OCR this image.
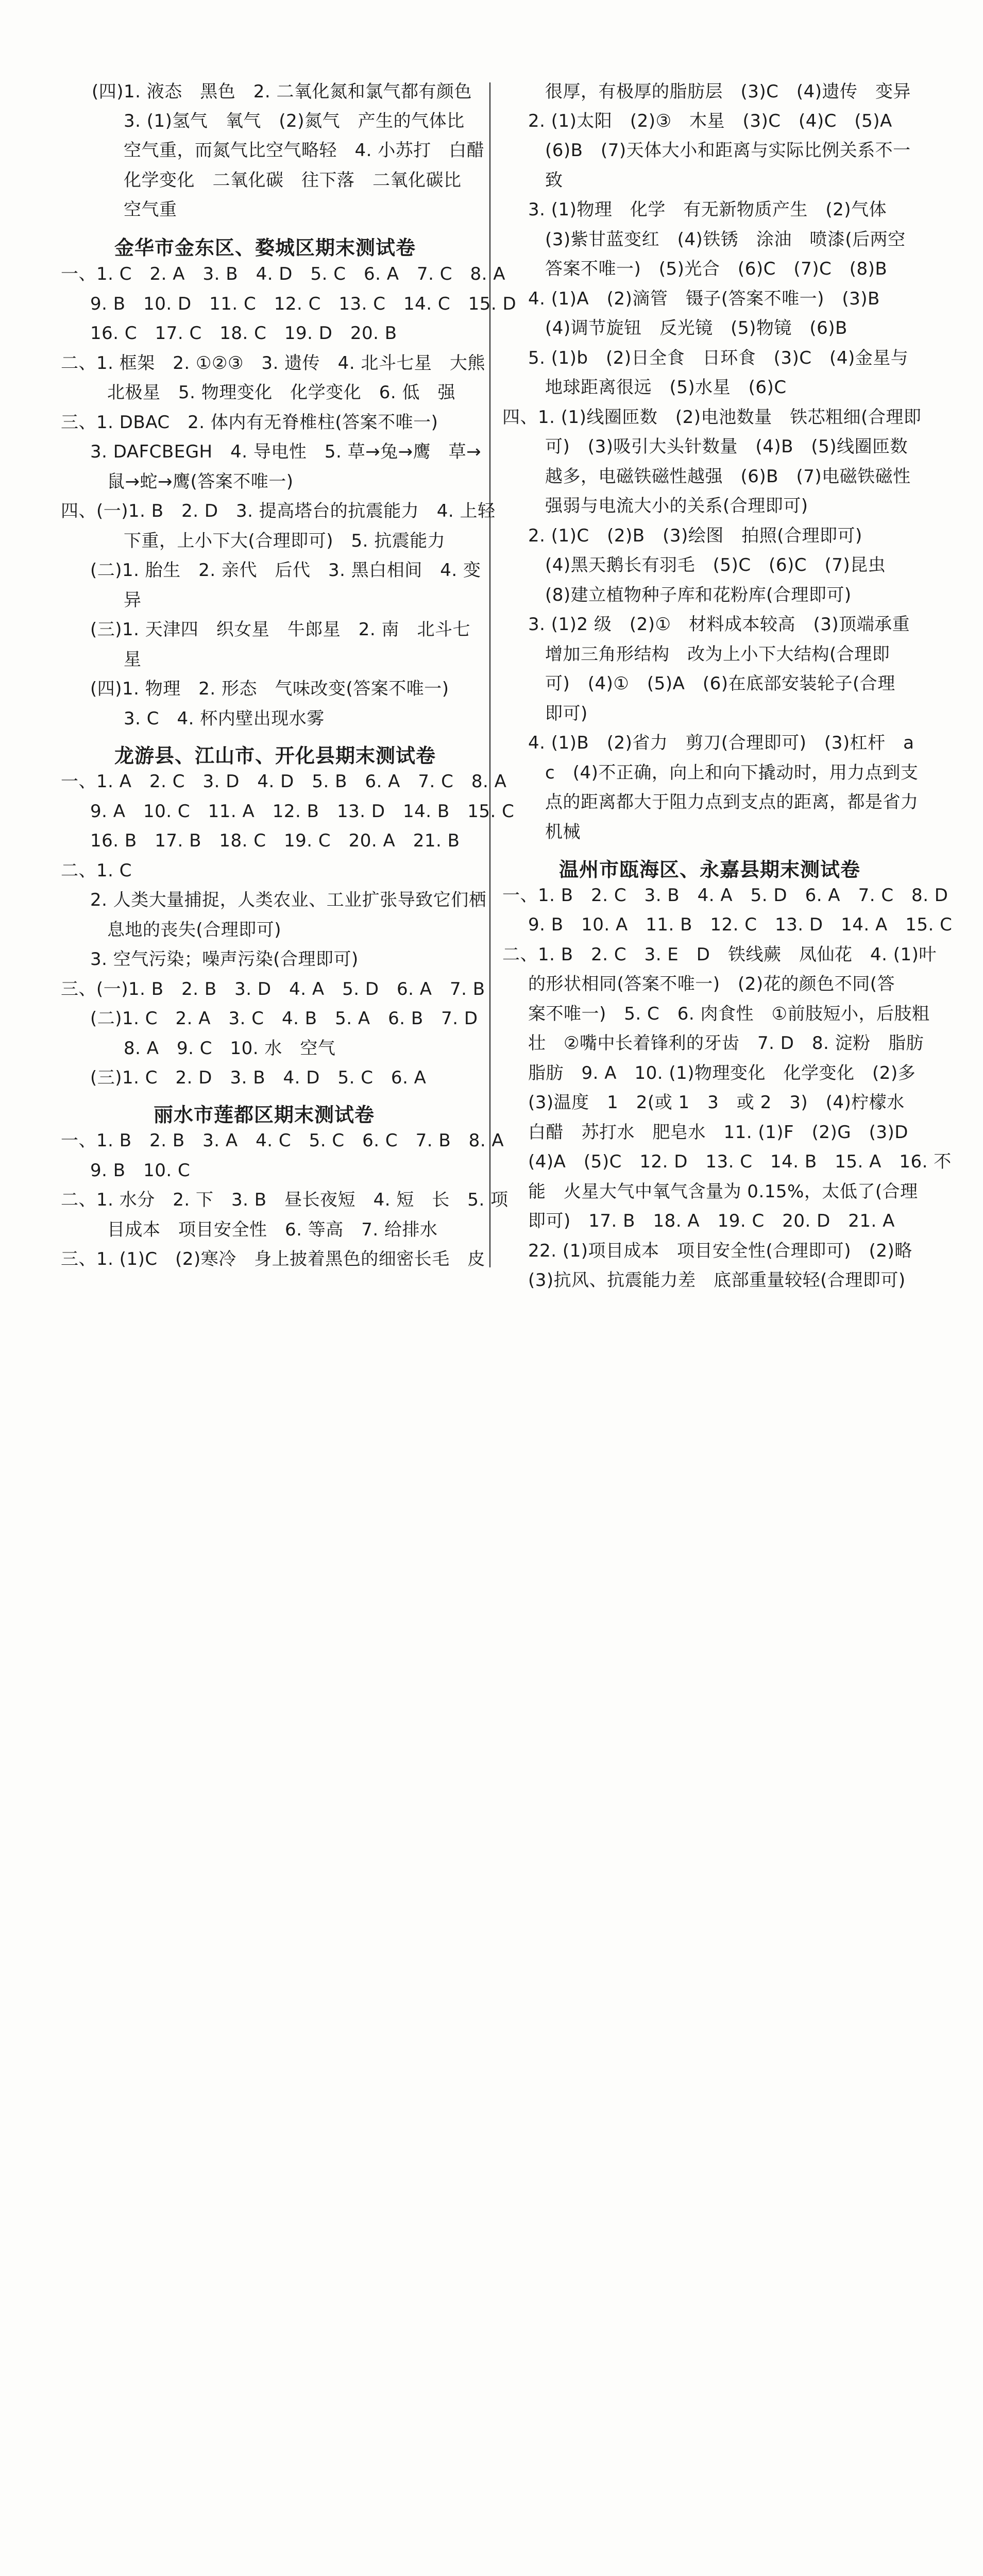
(四)1. 液态　黑色　2. 二氧化氮和氯气都有颜色
3. (1)氢气　氧气　(2)氮气　产生的气体比
空气重，而氮气比空气略轻　4. 小苏打　白醋
化学变化　二氧化碳　往下落　二氧化碳比
空气重
金华市金东区、婺城区期末测试卷
一、1. C　2. A　3. B　4. D　5. C　6. A　7. C　8. A
9. B　10. D　11. C　12. C　13. C　14. C　15. D
16. C　17. C　18. C　19. D　20. B
二、1. 框架　2. ①②③　3. 遗传　4. 北斗七星　大熊
北极星　5. 物理变化　化学变化　6. 低　强
三、1. DBAC　2. 体内有无脊椎柱(答案不唯一)
3. DAFCBEGH　4. 导电性　5. 草→兔→鹰　草→
鼠→蛇→鹰(答案不唯一)
四、(一)1. B　2. D　3. 提高塔台的抗震能力　4. 上轻
下重，上小下大(合理即可)　5. 抗震能力
(二)1. 胎生　2. 亲代　后代　3. 黑白相间　4. 变
异
(三)1. 天津四　织女星　牛郎星　2. 南　北斗七
星
(四)1. 物理　2. 形态　气味改变(答案不唯一)
3. C　4. 杯内壁出现水雾
龙游县、江山市、开化县期末测试卷
一、1. A　2. C　3. D　4. D　5. B　6. A　7. C　8. A
9. A　10. C　11. A　12. B　13. D　14. B　15. C
16. B　17. B　18. C　19. C　20. A　21. B
二、1. C
2. 人类大量捕捉，人类农业、工业扩张导致它们栖
息地的丧失(合理即可)
3. 空气污染；噪声污染(合理即可)
三、(一)1. B　2. B　3. D　4. A　5. D　6. A　7. B
(二)1. C　2. A　3. C　4. B　5. A　6. B　7. D
8. A　9. C　10. 水　空气
(三)1. C　2. D　3. B　4. D　5. C　6. A
丽水市莲都区期末测试卷
一、1. B　2. B　3. A　4. C　5. C　6. C　7. B　8. A
9. B　10. C
二、1. 水分　2. 下　3. B　昼长夜短　4. 短　长　5. 项
目成本　项目安全性　6. 等高　7. 给排水
三、1. (1)C　(2)寒冷　身上披着黑色的细密长毛　皮
很厚，有极厚的脂肪层　(3)C　(4)遗传　变异
2. (1)太阳　(2)③　木星　(3)C　(4)C　(5)A
(6)B　(7)天体大小和距离与实际比例关系不一
致
3. (1)物理　化学　有无新物质产生　(2)气体
(3)紫甘蓝变红　(4)铁锈　涂油　喷漆(后两空
答案不唯一)　(5)光合　(6)C　(7)C　(8)B
4. (1)A　(2)滴管　镊子(答案不唯一)　(3)B
(4)调节旋钮　反光镜　(5)物镜　(6)B
5. (1)b　(2)日全食　日环食　(3)C　(4)金星与
地球距离很远　(5)水星　(6)C
四、1. (1)线圈匝数　(2)电池数量　铁芯粗细(合理即
可)　(3)吸引大头针数量　(4)B　(5)线圈匝数
越多，电磁铁磁性越强　(6)B　(7)电磁铁磁性
强弱与电流大小的关系(合理即可)
2. (1)C　(2)B　(3)绘图　拍照(合理即可)
(4)黑天鹅长有羽毛　(5)C　(6)C　(7)昆虫
(8)建立植物种子库和花粉库(合理即可)
3. (1)2 级　(2)①　材料成本较高　(3)顶端承重
增加三角形结构　改为上小下大结构(合理即
可)　(4)①　(5)A　(6)在底部安装轮子(合理
即可)
4. (1)B　(2)省力　剪刀(合理即可)　(3)杠杆　a
c　(4)不正确，向上和向下撬动时，用力点到支
点的距离都大于阻力点到支点的距离，都是省力
机械
温州市瓯海区、永嘉县期末测试卷
一、1. B　2. C　3. B　4. A　5. D　6. A　7. C　8. D
9. B　10. A　11. B　12. C　13. D　14. A　15. C
二、1. B　2. C　3. E　D　铁线蕨　凤仙花　4. (1)叶
的形状相同(答案不唯一)　(2)花的颜色不同(答
案不唯一)　5. C　6. 肉食性　①前肢短小，后肢粗
壮　②嘴中长着锋利的牙齿　7. D　8. 淀粉　脂肪
脂肪　9. A　10. (1)物理变化　化学变化　(2)多
(3)温度　1　2(或 1　3　或 2　3)　(4)柠檬水
白醋　苏打水　肥皂水　11. (1)F　(2)G　(3)D
(4)A　(5)C　12. D　13. C　14. B　15. A　16. 不
能　火星大气中氧气含量为 0.15%，太低了(合理
即可)　17. B　18. A　19. C　20. D　21. A
22. (1)项目成本　项目安全性(合理即可)　(2)略
(3)抗风、抗震能力差　底部重量较轻(合理即可)
